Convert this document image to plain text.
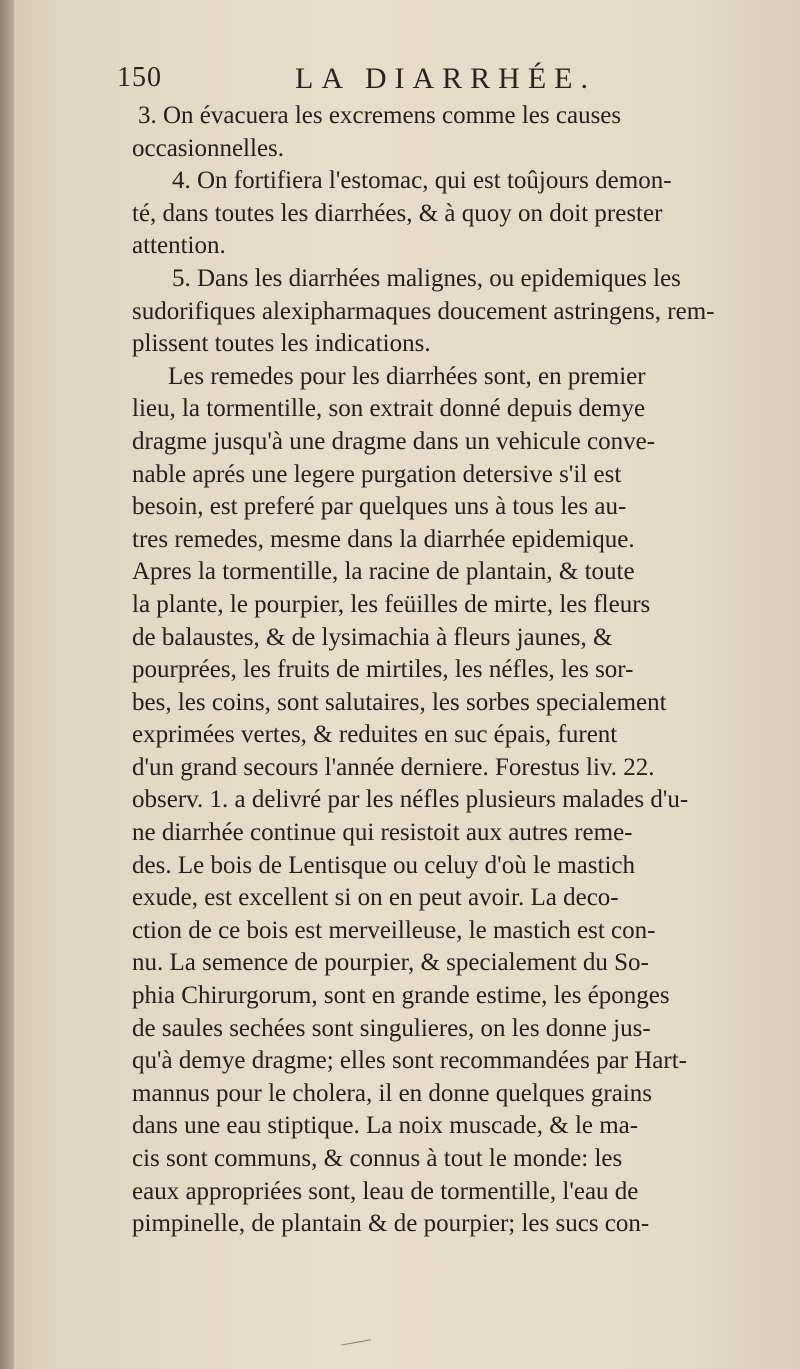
150	LA DIARRHÉE.
3. On évacuera les excremens comme les causes
occasionnelles.
4. On fortifiera l'estomac, qui est toûjours demon-
té, dans toutes les diarrhées, & à quoy on doit prester
attention.
5. Dans les diarrhées malignes, ou epidemiques les
sudorifiques alexipharmaques doucement astringens, rem-
plissent toutes les indications.
Les remedes pour les diarrhées sont, en premier
lieu, la tormentille, son extrait donné depuis demye
dragme jusqu'à une dragme dans un vehicule conve-
nable aprés une legere purgation detersive s'il est
besoin, est preferé par quelques uns à tous les au-
tres remedes, mesme dans la diarrhée epidemique.
Apres la tormentille, la racine de plantain, & toute
la plante, le pourpier, les feüilles de mirte, les fleurs
de balaustes, & de lysimachia à fleurs jaunes, &
pourprées, les fruits de mirtiles, les néfles, les sor-
bes, les coins, sont salutaires, les sorbes specialement
exprimées vertes, & reduites en suc épais, furent
d'un grand secours l'année derniere. Forestus liv. 22.
observ. 1. a delivré par les néfles plusieurs malades d'u-
ne diarrhée continue qui resistoit aux autres reme-
des. Le bois de Lentisque ou celuy d'où le mastich
exude, est excellent si on en peut avoir. La deco-
ction de ce bois est merveilleuse, le mastich est con-
nu. La semence de pourpier, & specialement du So-
phia Chirurgorum, sont en grande estime, les éponges
de saules sechées sont singulieres, on les donne jus-
qu'à demye dragme; elles sont recommandées par Hart-
mannus pour le cholera, il en donne quelques grains
dans une eau stiptique. La noix muscade, & le ma-
cis sont communs, & connus à tout le monde: les
eaux appropriées sont, leau de tormentille, l'eau de
pimpinelle, de plantain & de pourpier; les sucs con-
